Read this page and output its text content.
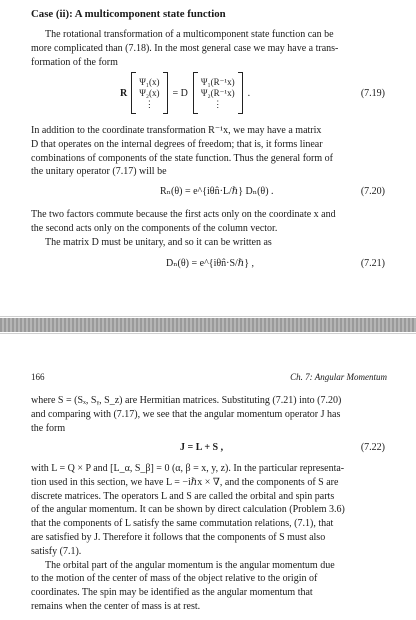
Case (ii): A multicomponent state function
The rotational transformation of a multicomponent state function can be
more complicated than (7.18). In the most general case we may have a trans-
formation of the form
R
Ψ₁(x)
Ψ₂(x)
⋮
= D
Ψ₁(R⁻¹x)
Ψ₂(R⁻¹x)
⋮
.	(7.19)
In addition to the coordinate transformation R⁻¹x, we may have a matrix
D that operates on the internal degrees of freedom; that is, it forms linear
combinations of components of the state function. Thus the general form of
the unitary operator (7.17) will be
Rₙ(θ) = e^{iθn̂·L/ℏ} Dₙ(θ) .	(7.20)
The two factors commute because the first acts only on the coordinate x and
the second acts only on the components of the column vector.
The matrix D must be unitary, and so it can be written as
Dₙ(θ) = e^{iθn̂·S/ℏ} ,	(7.21)
166	Ch. 7: Angular Momentum
where S = (Sₓ, Sᵧ, S_z) are Hermitian matrices. Substituting (7.21) into (7.20)
and comparing with (7.17), we see that the angular momentum operator J has
the form
J = L + S ,	(7.22)
with L = Q × P and [L_α, S_β] = 0 (α, β = x, y, z). In the particular representa-
tion used in this section, we have L = −iℏx × ∇, and the components of S are
discrete matrices. The operators L and S are called the orbital and spin parts
of the angular momentum. It can be shown by direct calculation (Problem 3.6)
that the components of L satisfy the same commutation relations, (7.1), that
are satisfied by J. Therefore it follows that the components of S must also
satisfy (7.1).
The orbital part of the angular momentum is the angular momentum due
to the motion of the center of mass of the object relative to the origin of
coordinates. The spin may be identified as the angular momentum that
remains when the center of mass is at rest.
